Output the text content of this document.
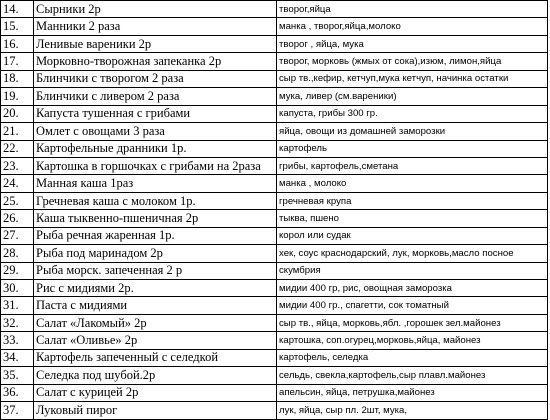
14.	Сырники 2р	творог,яйца
15.	Манники 2 раза	манка , творог,яйца,молоко
16.	Ленивые вареники 2р	творог , яйца, мука
17.	Морковно-творожная запеканка 2р	творог, морковь (жмых от сока),изюм, лимон,яйца
18.	Блинчики с творогом 2 раза	сыр тв.,кефир, кетчуп,мука кетчуп, начинка остатки
19.	Блинчики с ливером 2 раза	мука, ливер (см.вареники)
20.	Капуста тушенная с грибами	капуста, грибы 300 гр.
21.	Омлет с овощами 3 раза	яйца, овощи из домашней заморозки
22.	Картофельные дранники 1р.	картофель
23.	Картошка в горшочках с грибами на 2раза	грибы, картофель,сметана
24.	Манная каша 1раз	манка , молоко
25.	Гречневая каша с молоком 1р.	гречневая крупа
26.	Каша тыквенно-пшеничная 2р	тыква, пшено
27.	Рыба речная жаренная 1р.	корол или судак
28.	Рыба под маринадом 2р	хек, соус краснодарский, лук, морковь,масло посное
29.	Рыба морск. запеченная 2 р	скумбрия
30.	Рис с мидиями 2р.	мидии 400 гр, рис, овощная заморозка
31.	Паста с мидиями	мидии 400 гр., спагетти, сок томатный
32.	Салат «Лакомый» 2р	сыр тв., яйца, морковь,ябл. ,горошек зел.майонез
33.	Салат «Оливье» 2р	картошка, соп.огурец,морковь,яйца, майонез
34.	Картофель запеченный с селедкой	картофель, селедка
35.	Селедка под шубой.2р	сельдь, свекла,картофель,сыр плавл.майонез
36.	Салат с курицей 2р	апельсин, яйца, петрушка,майонез
37.	Луковый пирог	лук, яйца, сыр пл. 2шт, мука,
